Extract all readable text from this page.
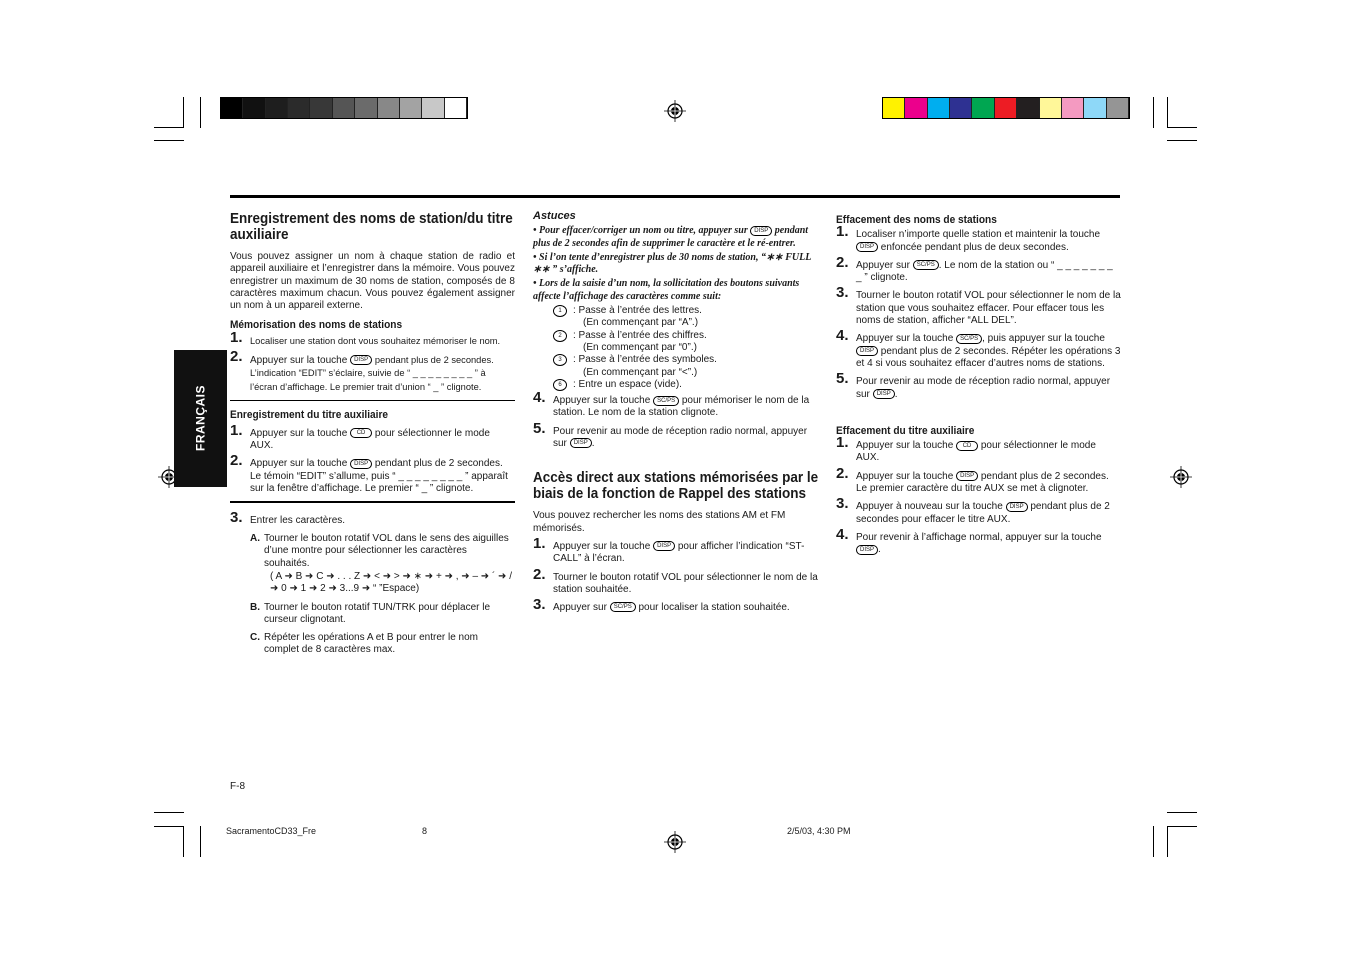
FRANÇAIS
Enregistrement des noms de station/du titre auxiliaire

Vous pouvez assigner un nom à chaque station de radio et appareil auxiliaire et l’enregistrer dans la mémoire. Vous pouvez enregistrer un maximum de 30 noms de station, composés de 8 caractères maximum chacun. Vous pouvez également assigner un nom à un appareil externe.

Mémorisation des noms de stations
1. Localiser une station dont vous souhaitez mémoriser le nom.
2. Appuyer sur la touche DISP pendant plus de 2 secondes. L’indication “EDIT” s’éclaire, suivie de “ _ _ _ _ _ _ _ _ ” à l’écran d’affichage. Le premier trait d’union “ _ ” clignote.
Enregistrement du titre auxiliaire
1. Appuyer sur la touche CD pour sélectionner le mode AUX.
2. Appuyer sur la touche DISP pendant plus de 2 secondes. Le témoin “EDIT” s’allume, puis “ _ _ _ _ _ _ _ _ ” apparaît sur la fenêtre d’affichage. Le premier “ _ ” clignote.
3. Entrer les caractères.
A. Tourner le bouton rotatif VOL dans le sens des aiguilles d’une montre pour sélectionner les caractères souhaités.
( A ➜ B ➜ C ➜ . . . Z ➜ < ➜ > ➜ ∗ ➜ + ➜ , ➜ – ➜ ´ ➜ / ➜ 0 ➜ 1 ➜ 2 ➜ 3...9 ➜ “ ”Espace)
B. Tourner le bouton rotatif TUN/TRK pour déplacer le curseur clignotant.
C. Répéter les opérations A et B pour entrer le nom complet de 8 caractères max.

Astuces

• Pour effacer/corriger un nom ou titre, appuyer sur DISP pendant plus de 2 secondes afin de supprimer le caractère et le ré-entrer.

• Si l’on tente d’enregistrer plus de 30 noms de station, “∗∗ FULL ∗∗ ” s’affiche.

• Lors de la saisie d’un nom, la sollicitation des boutons suivants affecte l’affichage des caractères comme suit:

1	: Passe à l’entrée des lettres.
(En commençant par “A”.)
2	: Passe à l’entrée des chiffres.
(En commençant par “0”.)
3	: Passe à l’entrée des symboles.
(En commençant par “<”.)
6	: Entre un espace (vide).
4. Appuyer sur la touche SC/PS pour mémoriser le nom de la station. Le nom de la station clignote.
5. Pour revenir au mode de réception radio normal, appuyer sur DISP .
Accès direct aux stations mémorisées par le biais de la fonction de Rappel des stations

Vous pouvez rechercher les noms des stations AM et FM mémorisés.

1. Appuyer sur la touche DISP pour afficher l’indication “ST-CALL” à l’écran.
2. Tourner le bouton rotatif VOL pour sélectionner le nom de la station souhaitée.
3. Appuyer sur SC/PS pour localiser la station souhaitée.
Effacement des noms de stations
1. Localiser n’importe quelle station et maintenir la touche DISP enfoncée pendant plus de deux secondes.
2. Appuyer sur SC/PS . Le nom de la station ou “ _ _ _ _ _ _ _ _ ” clignote.
3. Tourner le bouton rotatif VOL pour sélectionner le nom de la station que vous souhaitez effacer. Pour effacer tous les noms de station, afficher “ALL DEL”.
4. Appuyer sur la touche SC/PS , puis appuyer sur la touche DISP pendant plus de 2 secondes. Répéter les opérations 3 et 4 si vous souhaitez effacer d’autres noms de stations.
5. Pour revenir au mode de réception radio normal, appuyer sur DISP .
Effacement du titre auxiliaire
1. Appuyer sur la touche CD pour sélectionner le mode AUX.
2. Appuyer sur la touche DISP pendant plus de 2 secondes. Le premier caractère du titre AUX se met à clignoter.
3. Appuyer à nouveau sur la touche DISP pendant plus de 2 secondes pour effacer le titre AUX.
4. Pour revenir à l’affichage normal, appuyer sur la touche DISP .
F-8
SacramentoCD33_Fre	8	2/5/03, 4:30 PM
